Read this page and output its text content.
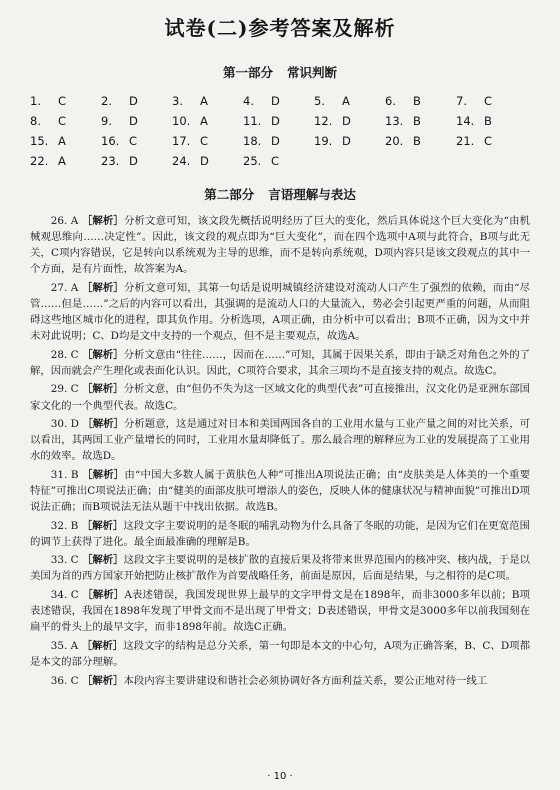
试卷(二)参考答案及解析
第一部分 常识判断
1. C	2. D	3. A	4. D	5. A	6. B	7. C
8. C	9. D	10. A	11. D	12. D	13. B	14. B
15. A	16. C	17. C	18. D	19. D	20. B	21. C
22. A	23. D	24. D	25. C
第二部分 言语理解与表达

26. A ［解析］分析文意可知，该文段先概括说明经历了巨大的变化，然后具体说这个巨大变化为“由机械观思维向……决定性”。因此，该文段的观点即为“巨大变化”，而在四个选项中A项与此符合，B项与此无关，C项内容错误，它是转向以系统观为主导的思维，而不是转向系统观，D项内容只是该文段观点的其中一个方面，是有片面性，故答案为A。

27. A ［解析］分析文意可知，其第一句话是说明城镇经济建设对流动人口产生了强烈的依赖，而由“尽管……但是……”之后的内容可以看出，其强调的是流动人口的大量流入，势必会引起更严重的问题，从而阻碍这些地区城市化的进程，即其负作用。分析选项，A项正确，由分析中可以看出；B项不正确，因为文中并未对此说明；C、D均是文中支持的一个观点，但不是主要观点，故选A。

28. C ［解析］分析文意由“往往……，因而在……”可知，其属于因果关系，即由于缺乏对角色之外的了解，因而就会产生理化或表面化认识。因此，C项符合要求，其余三项均不是直接支持的观点。故选C。

29. C ［解析］分析文意，由“但仍不失为这一区域文化的典型代表”可直接推出，汉文化仍是亚洲东部国家文化的一个典型代表。故选C。

30. D ［解析］分析题意，这是通过对日本和美国两国各自的工业用水量与工业产量之间的对比关系，可以看出，其两国工业产量增长的同时，工业用水量却降低了。那么最合理的解释应为工业的发展提高了工业用水的效率。故选D。

31. B ［解析］由“中国大多数人属于黄肤色人种”可推出A项说法正确；由“皮肤美是人体美的一个重要特征”可推出C项说法正确；由“健美的面部皮肤可增添人的姿色，反映人体的健康状况与精神面貌”可推出D项说法正确；而B项说法无法从题干中找出依据。故选B。

32. B ［解析］这段文字主要说明的是冬眠的哺乳动物为什么具备了冬眠的功能，是因为它们在更宽范围的调节上获得了进化。最全面最准确的理解是B。

33. C ［解析］这段文字主要说明的是核扩散的直接后果及将带来世界范围内的核冲突、核内战，于是以美国为首的西方国家开始把防止核扩散作为首要战略任务，前面是原因，后面是结果，与之相符的是C项。

34. C ［解析］A表述错误，我国发现世界上最早的文字甲骨文是在1898年，而非3000多年以前；B项表述错误，我国在1898年发现了甲骨文而不是出现了甲骨文；D表述错误，甲骨文是3000多年以前我国刻在扁平的骨头上的最早文字，而非1898年前。故选C正确。

35. A ［解析］这段文字的结构是总分关系，第一句即是本文的中心句，A项为正确答案，B、C、D项都是本文的部分理解。

36. C ［解析］本段内容主要讲建设和谐社会必须协调好各方面利益关系，要公正地对待一线工

· 10 ·
